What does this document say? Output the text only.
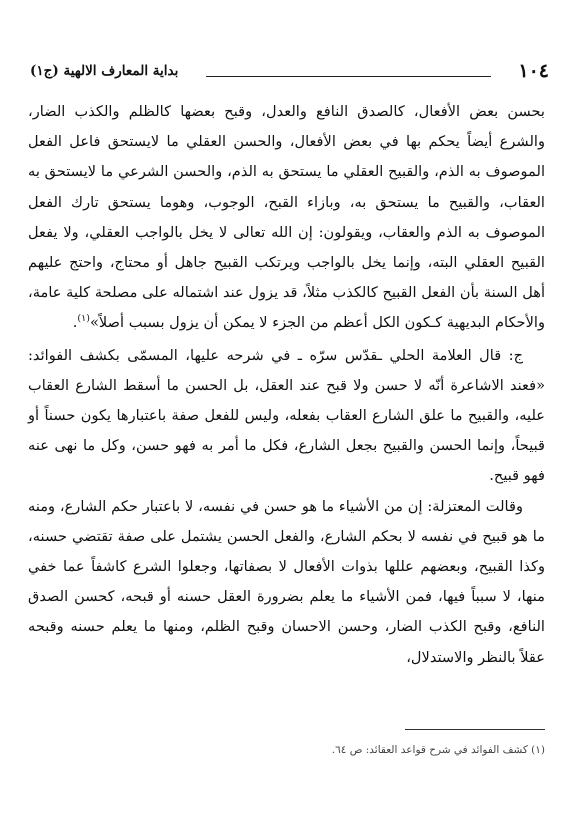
١٠٤
بداية المعارف الالهية (ج١)

بحسن بعض الأفعال، كالصدق النافع والعدل، وقبح بعضها كالظلم والكذب الضار، والشرع أيضاً يحكم بها في بعض الأفعال، والحسن العقلي ما لايستحق فاعل الفعل الموصوف به الذم، والقبيح العقلي ما يستحق به الذم، والحسن الشرعي ما لايستحق به العقاب، والقبيح ما يستحق به، وبازاء القبح، الوجوب، وهوما يستحق تارك الفعل الموصوف به الذم والعقاب، ويقولون: إن الله تعالى لا يخل بالواجب العقلي، ولا يفعل القبيح العقلي البته، وإنما يخل بالواجب ويرتكب القبيح جاهل أو محتاج، واحتج عليهم أهل السنة بأن الفعل القبيح كالكذب مثلاً، قد يزول عند اشتماله على مصلحة كلية عامة، والأحكام البديهية كـكون الكل أعظم من الجزء لا يمكن أن يزول بسبب أصلاً»$^{(١)}$.

ج: قال العلامة الحلي ـقدّس سرّه ـ في شرحه عليها، المسمّى بكشف الفوائد: «فعند الاشاعرة أنّه لا حسن ولا قبح عند العقل، بل الحسن ما أسقط الشارع العقاب عليه، والقبيح ما علق الشارع العقاب بفعله، وليس للفعل صفة باعتبارها يكون حسناً أو قبيحاً، وإنما الحسن والقبيح بجعل الشارع، فكل ما أمر به فهو حسن، وكل ما نهى عنه فهو قبيح.

وقالت المعتزلة: إن من الأشياء ما هو حسن في نفسه، لا باعتبار حكم الشارع، ومنه ما هو قبيح في نفسه لا بحكم الشارع، والفعل الحسن يشتمل على صفة تقتضي حسنه، وكذا القبيح، وبعضهم عللها بذوات الأفعال لا بصفاتها، وجعلوا الشرع كاشفاً عما خفي منها، لا سبباً فيها، فمن الأشياء ما يعلم بضرورة العقل حسنه أو قبحه، كحسن الصدق النافع، وقبح الكذب الضار، وحسن الاحسان وقبح الظلم، ومنها ما يعلم حسنه وقبحه عقلاً بالنظر والاستدلال،

(١) كشف الفوائد في شرح قواعد العقائد: ص ٦٤.
